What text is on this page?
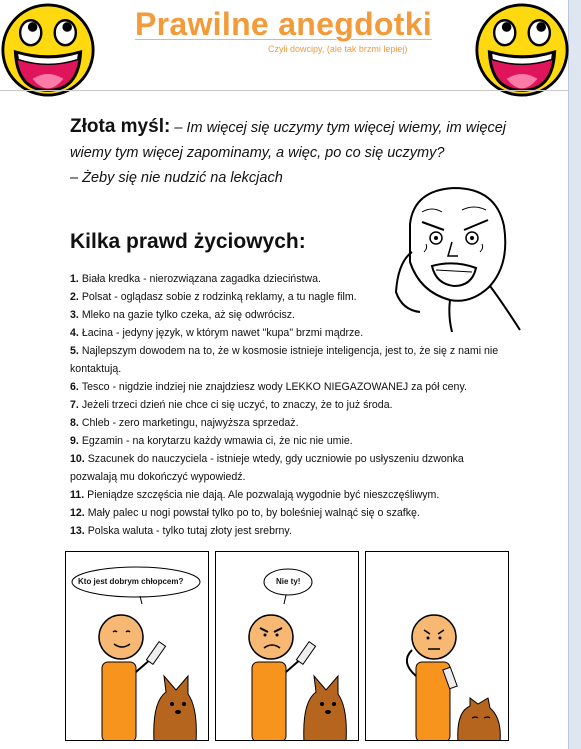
Prawilne anegdotki
Czyli dowcipy, (ale tak brzmi lepiej)
Złota myśl: – Im więcej się uczymy tym więcej wiemy, im więcej wiemy tym więcej zapominamy, a więc, po co się uczymy?
– Żeby się nie nudzić na lekcjach
Kilka prawd życiowych:
1. Biała kredka - nierozwiązana zagadka dzieciństwa.
2. Polsat - oglądasz sobie z rodzinką reklamy, a tu nagle film.
3. Mleko na gazie tylko czeka, aż się odwrócisz.
4. Łacina - jedyny język, w którym nawet "kupa" brzmi mądrze.
5. Najlepszym dowodem na to, że w kosmosie istnieje inteligencja, jest to, że się z nami nie kontaktują.
6. Tesco - nigdzie indziej nie znajdziesz wody LEKKO NIEGAZOWANEJ za pół ceny.
7. Jeżeli trzeci dzień nie chce ci się uczyć, to znaczy, że to już środa.
8. Chleb - zero marketingu, najwyższa sprzedaż.
9. Egzamin - na korytarzu każdy wmawia ci, że nic nie umie.
10. Szacunek do nauczyciela - istnieje wtedy, gdy uczniowie po usłyszeniu dzwonka pozwalają mu dokończyć wypowiedź.
11. Pieniądze szczęścia nie dają. Ale pozwalają wygodnie być nieszczęśliwym.
12. Mały palec u nogi powstał tylko po to, by boleśniej walnąć się o szafkę.
13. Polska waluta - tylko tutaj złoty jest srebrny.
Kto jest dobrym chłopcem?	Nie ty!
